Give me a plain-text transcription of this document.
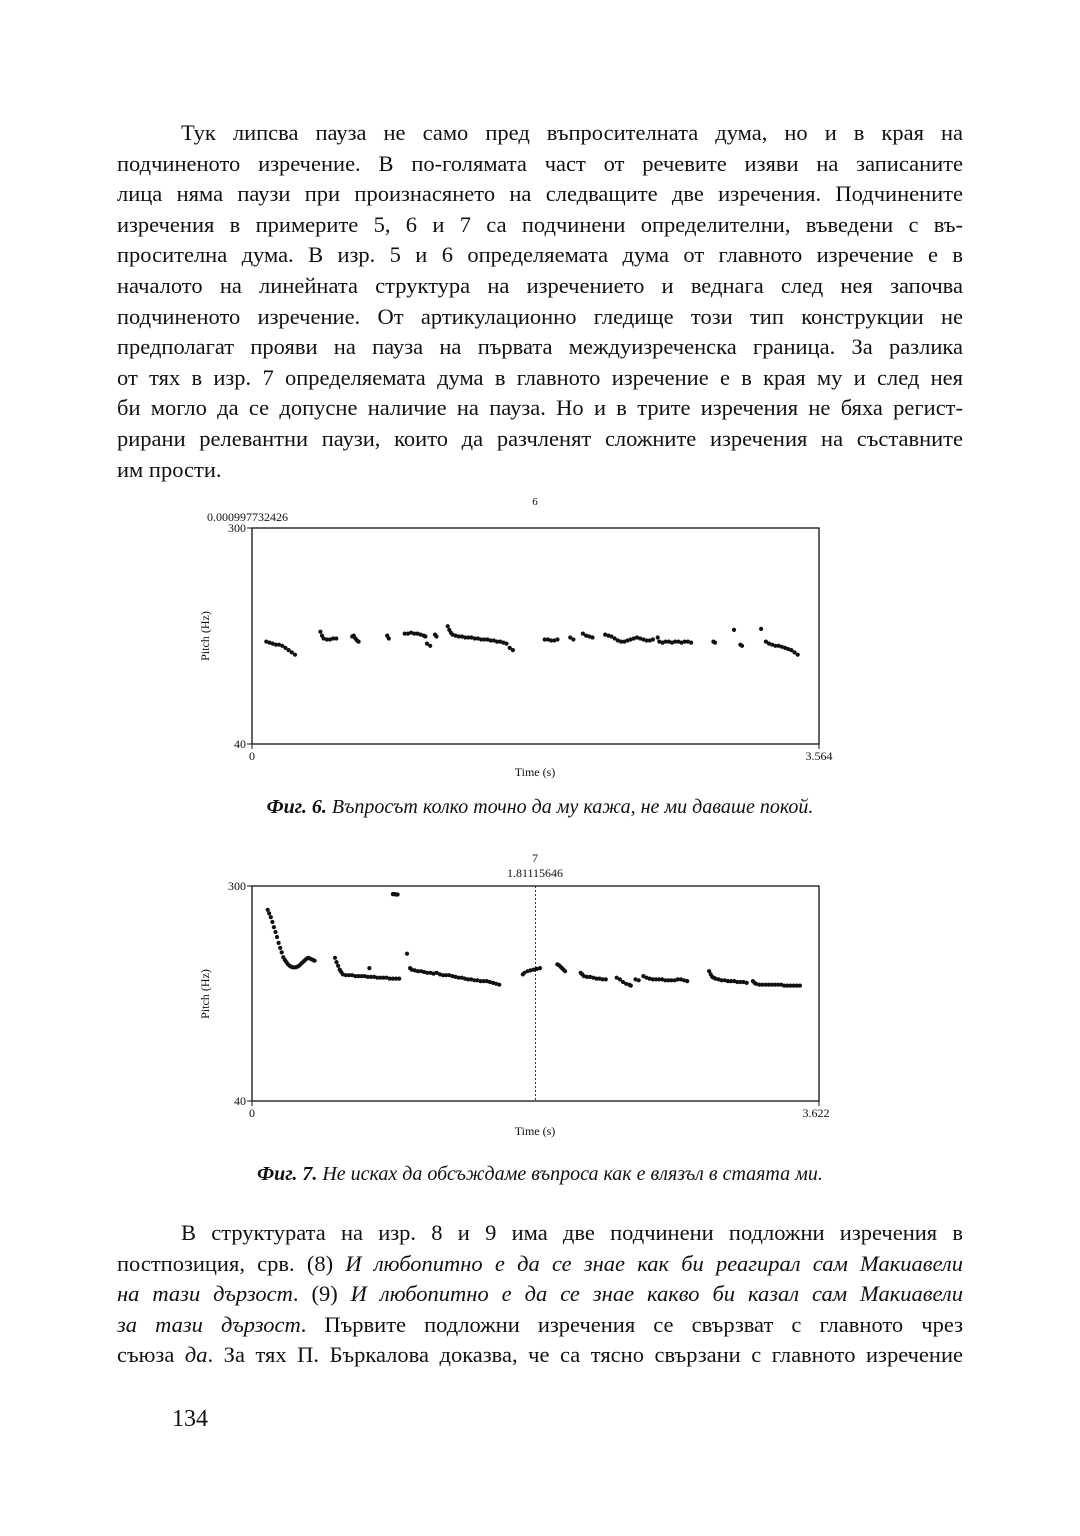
Тук липсва пауза не само пред въпросителната дума, но и в края на
подчиненото изречение. В по-голямата част от речевите изяви на записаните
лица няма паузи при произнасянето на следващите две изречения. Подчинените
изречения в примерите 5, 6 и 7 са подчинени определителни, въведени с въ-
просителна дума. В изр. 5 и 6 определяемата дума от главното изречение е в
началото на линейната структура на изречението и веднага след нея започва
подчиненото изречение. От артикулационно гледище този тип конструкции не
предполагат прояви на пауза на първата междуизреченска граница. За разлика
от тях в изр. 7 определяемата дума в главното изречение е в края му и след нея
би могло да се допусне наличие на пауза. Но и в трите изречения не бяха регист-
рирани релевантни паузи, които да разчленят сложните изречения на съставните
им прости.
6
0.000997732426
300
40
0	3.564
Time (s)
Pitch (Hz)
Фиг. 6. Въпросът колко точно да му кажа, не ми даваше покой.
7
1.81115646
300
40
0	3.622
Time (s)
Pitch (Hz)
Фиг. 7. Не исках да обсъждаме въпроса как е влязъл в стаята ми.
В структурата на изр. 8 и 9 има две подчинени подложни изречения в
постпозиция, срв. (8) И любопитно е да се знае как би реагирал сам Макиавели
на тази дързост. (9) И любопитно е да се знае какво би казал сам Макиавели
за тази дързост. Първите подложни изречения се свързват с главното чрез
съюза да. За тях П. Бъркалова доказва, че са тясно свързани с главното изречение
134
